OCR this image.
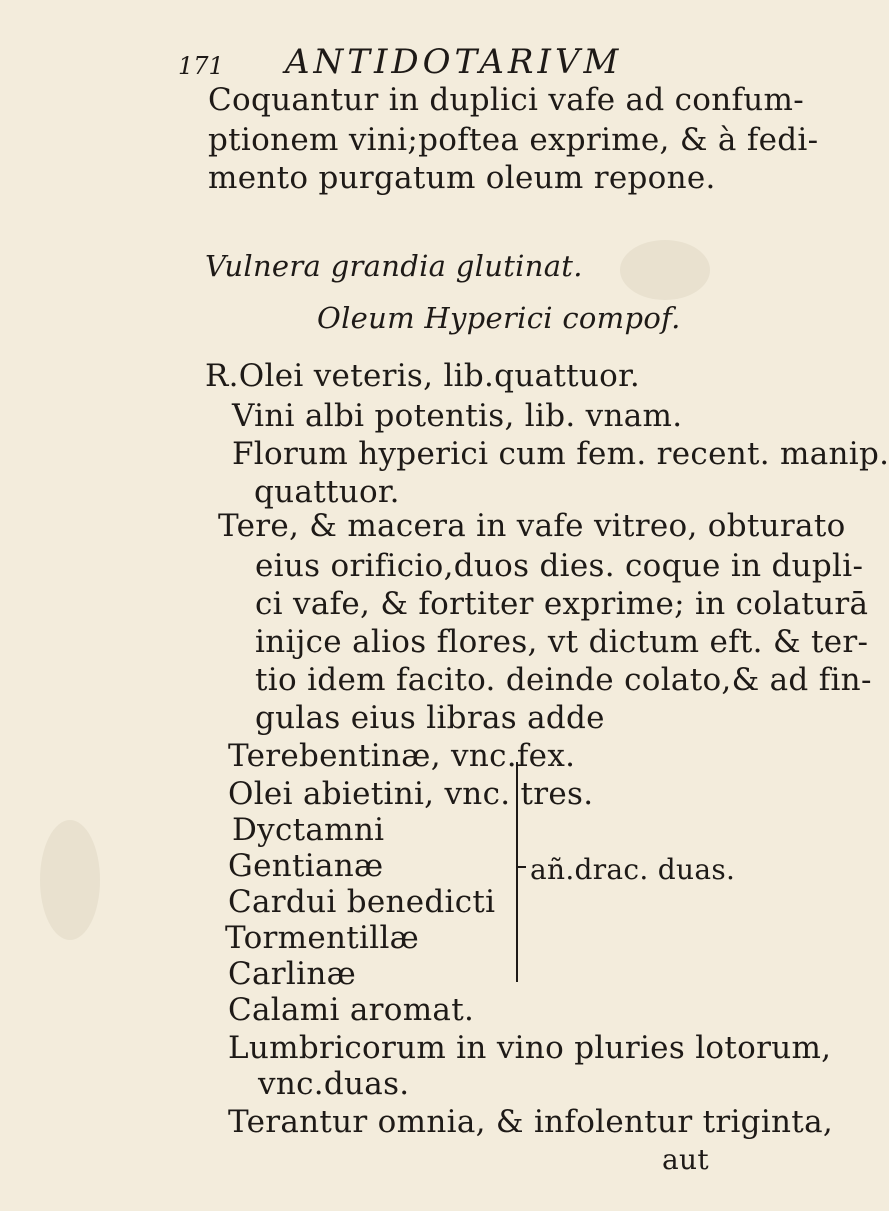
171 ANTIDOTARIVM
Coquantur in duplici vafe ad confum-
ptionem vini;poftea exprime, & à fedi-
mento purgatum oleum repone.
Vulnera grandia glutinat.
Oleum Hyperici compof.
R.Olei veteris, lib.quattuor.
Vini albi potentis, lib. vnam.
Florum hyperici cum fem. recent. manip.
quattuor.
Tere, & macera in vafe vitreo, obturato
eius orificio,duos dies. coque in dupli-
ci vafe, & fortiter exprime; in colaturā
inijce alios flores, vt dictum eft. & ter-
tio idem facito. deinde colato,& ad fin-
gulas eius libras adde
Terebentinæ, vnc.fex.
Olei abietini, vnc. tres.
Dyctamni
Gentianæ
Cardui benedicti
Tormentillæ
Carlinæ
Calami aromat.
añ.drac. duas.
Lumbricorum in vino pluries lotorum,
vnc.duas.
Terantur omnia, & infolentur triginta,
aut
